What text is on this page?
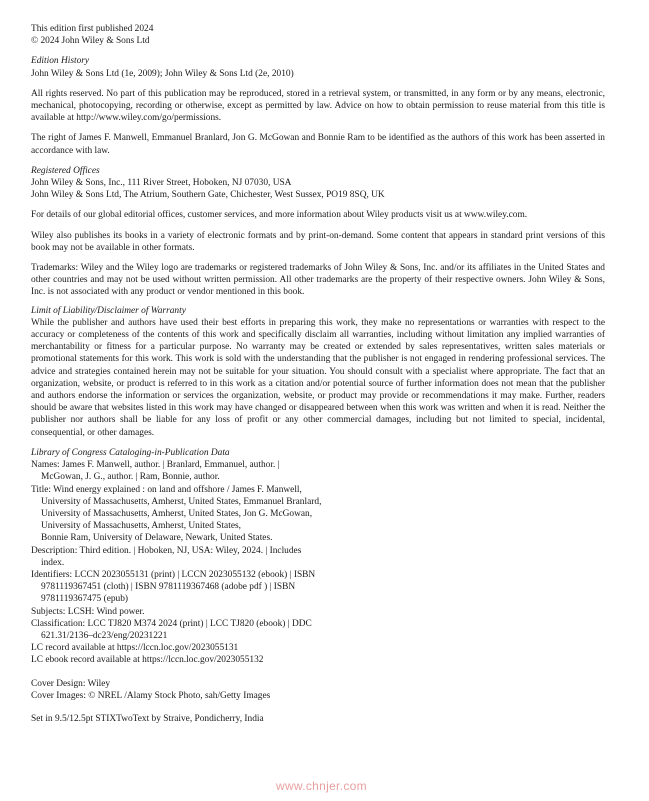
This edition first published 2024

© 2024 John Wiley & Sons Ltd

Edition History

John Wiley & Sons Ltd (1e, 2009); John Wiley & Sons Ltd (2e, 2010)

All rights reserved. No part of this publication may be reproduced, stored in a retrieval system, or transmitted, in any form or by any means, electronic, mechanical, photocopying, recording or otherwise, except as permitted by law. Advice on how to obtain permission to reuse material from this title is available at http://www.wiley.com/go/permissions.

The right of James F. Manwell, Emmanuel Branlard, Jon G. McGowan and Bonnie Ram to be identified as the authors of this work has been asserted in accordance with law.

Registered Offices

John Wiley & Sons, Inc., 111 River Street, Hoboken, NJ 07030, USA

John Wiley & Sons Ltd, The Atrium, Southern Gate, Chichester, West Sussex, PO19 8SQ, UK

For details of our global editorial offices, customer services, and more information about Wiley products visit us at www.wiley.com.

Wiley also publishes its books in a variety of electronic formats and by print-on-demand. Some content that appears in standard print versions of this book may not be available in other formats.

Trademarks: Wiley and the Wiley logo are trademarks or registered trademarks of John Wiley & Sons, Inc. and/or its affiliates in the United States and other countries and may not be used without written permission. All other trademarks are the property of their respective owners. John Wiley & Sons, Inc. is not associated with any product or vendor mentioned in this book.

Limit of Liability/Disclaimer of Warranty

While the publisher and authors have used their best efforts in preparing this work, they make no representations or warranties with respect to the accuracy or completeness of the contents of this work and specifically disclaim all warranties, including without limitation any implied warranties of merchantability or fitness for a particular purpose. No warranty may be created or extended by sales representatives, written sales materials or promotional statements for this work. This work is sold with the understanding that the publisher is not engaged in rendering professional services. The advice and strategies contained herein may not be suitable for your situation. You should consult with a specialist where appropriate. The fact that an organization, website, or product is referred to in this work as a citation and/or potential source of further information does not mean that the publisher and authors endorse the information or services the organization, website, or product may provide or recommendations it may make. Further, readers should be aware that websites listed in this work may have changed or disappeared between when this work was written and when it is read. Neither the publisher nor authors shall be liable for any loss of profit or any other commercial damages, including but not limited to special, incidental, consequential, or other damages.

Library of Congress Cataloging-in-Publication Data

Names: James F. Manwell, author. | Branlard, Emmanuel, author. |

McGowan, J. G., author. | Ram, Bonnie, author.

Title: Wind energy explained : on land and offshore / James F. Manwell,

University of Massachusetts, Amherst, United States, Emmanuel Branlard,

University of Massachusetts, Amherst, United States, Jon G. McGowan,

University of Massachusetts, Amherst, United States,

Bonnie Ram, University of Delaware, Newark, United States.

Description: Third edition. | Hoboken, NJ, USA: Wiley, 2024. | Includes

index.

Identifiers: LCCN 2023055131 (print) | LCCN 2023055132 (ebook) | ISBN

9781119367451 (cloth) | ISBN 9781119367468 (adobe pdf ) | ISBN

9781119367475 (epub)

Subjects: LCSH: Wind power.

Classification: LCC TJ820 M374 2024 (print) | LCC TJ820 (ebook) | DDC

621.31/2136–dc23/eng/20231221

LC record available at https://lccn.loc.gov/2023055131

LC ebook record available at https://lccn.loc.gov/2023055132

Cover Design: Wiley

Cover Images: © NREL /Alamy Stock Photo, sah/Getty Images

Set in 9.5/12.5pt STIXTwoText by Straive, Pondicherry, India

www.chnjer.com
